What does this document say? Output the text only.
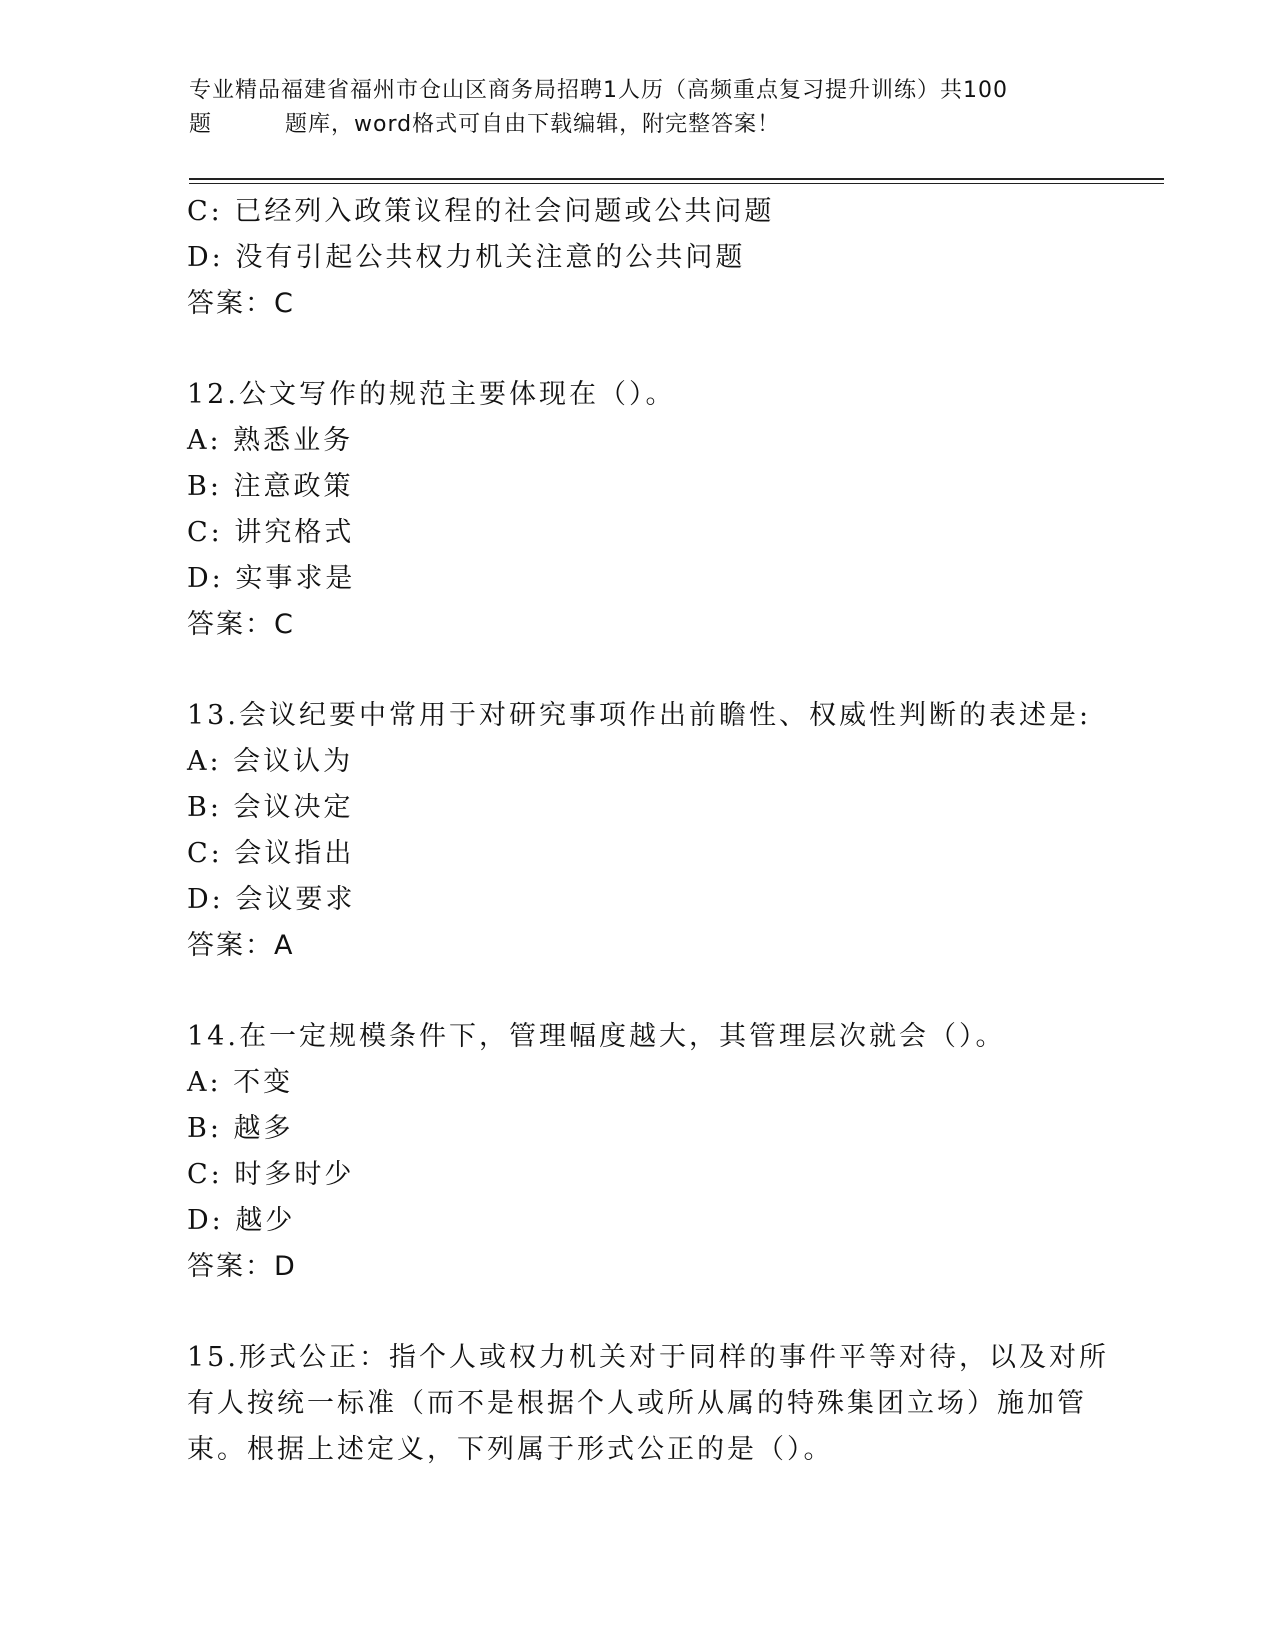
专业精品福建省福州市仓山区商务局招聘1人历（高频重点复习提升训练）共100
题	题库，word格式可自由下载编辑，附完整答案！
C: 已经列入政策议程的社会问题或公共问题
D: 没有引起公共权力机关注意的公共问题
答案：C
12.公文写作的规范主要体现在（）。
A: 熟悉业务
B: 注意政策
C: 讲究格式
D: 实事求是
答案：C
13.会议纪要中常用于对研究事项作出前瞻性、权威性判断的表述是:
A: 会议认为
B: 会议决定
C: 会议指出
D: 会议要求
答案：A
14.在一定规模条件下，管理幅度越大，其管理层次就会（）。
A: 不变
B: 越多
C: 时多时少
D: 越少
答案：D
15.形式公正：指个人或权力机关对于同样的事件平等对待，以及对所
有人按统一标准（而不是根据个人或所从属的特殊集团立场）施加管
束。根据上述定义，下列属于形式公正的是（）。
